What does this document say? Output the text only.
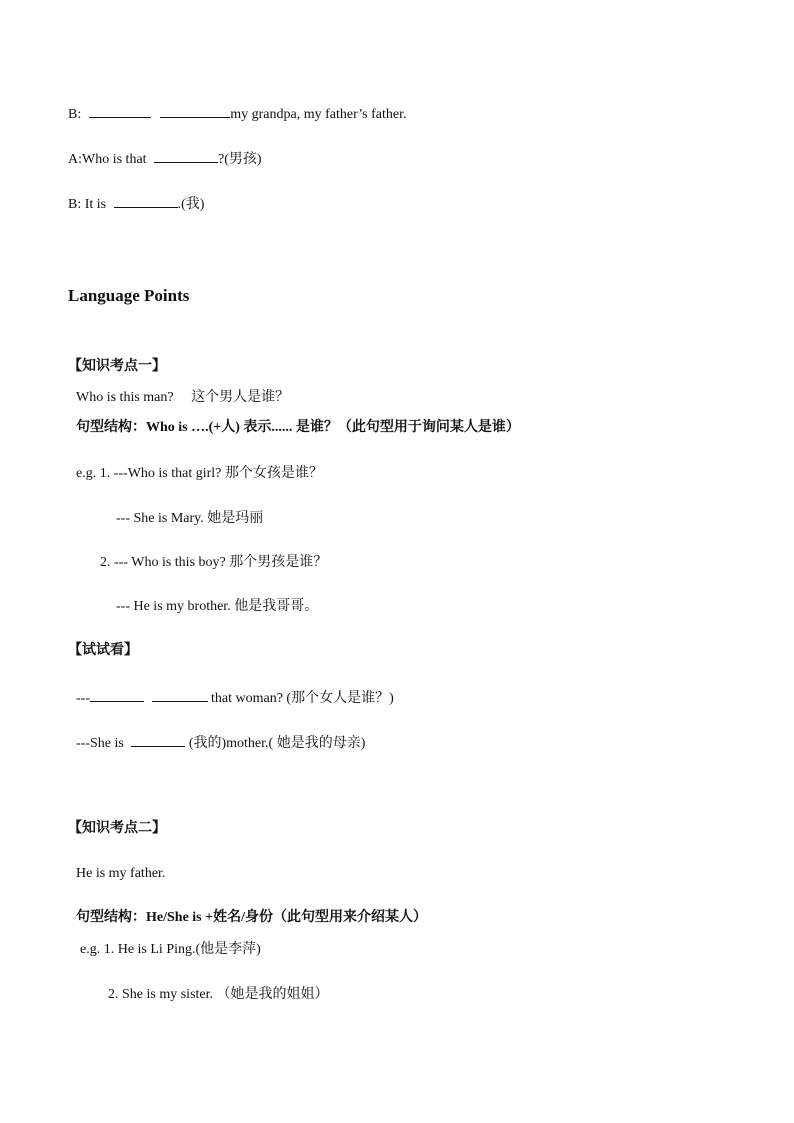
B:	my grandpa, my father’s father.
A:Who is that	?(男孩)
B: It is	.(我)
Language Points
【知识考点一】
Who is this man? 这个男人是谁？
句型结构：Who is ….(+人) 表示...... 是谁？（此句型用于询问某人是谁）
e.g. 1. ---Who is that girl? 那个女孩是谁？
--- She is Mary. 她是玛丽
2. --- Who is this boy? 那个男孩是谁？
--- He is my brother. 他是我哥哥。
【试试看】
---	that woman? (那个女人是谁？)
---She is	(我的)mother.( 她是我的母亲)
【知识考点二】
He is my father.
句型结构：He/She is +姓名/身份（此句型用来介绍某人）
e.g. 1. He is Li Ping.(他是李萍)
2. She is my sister. （她是我的姐姐）
